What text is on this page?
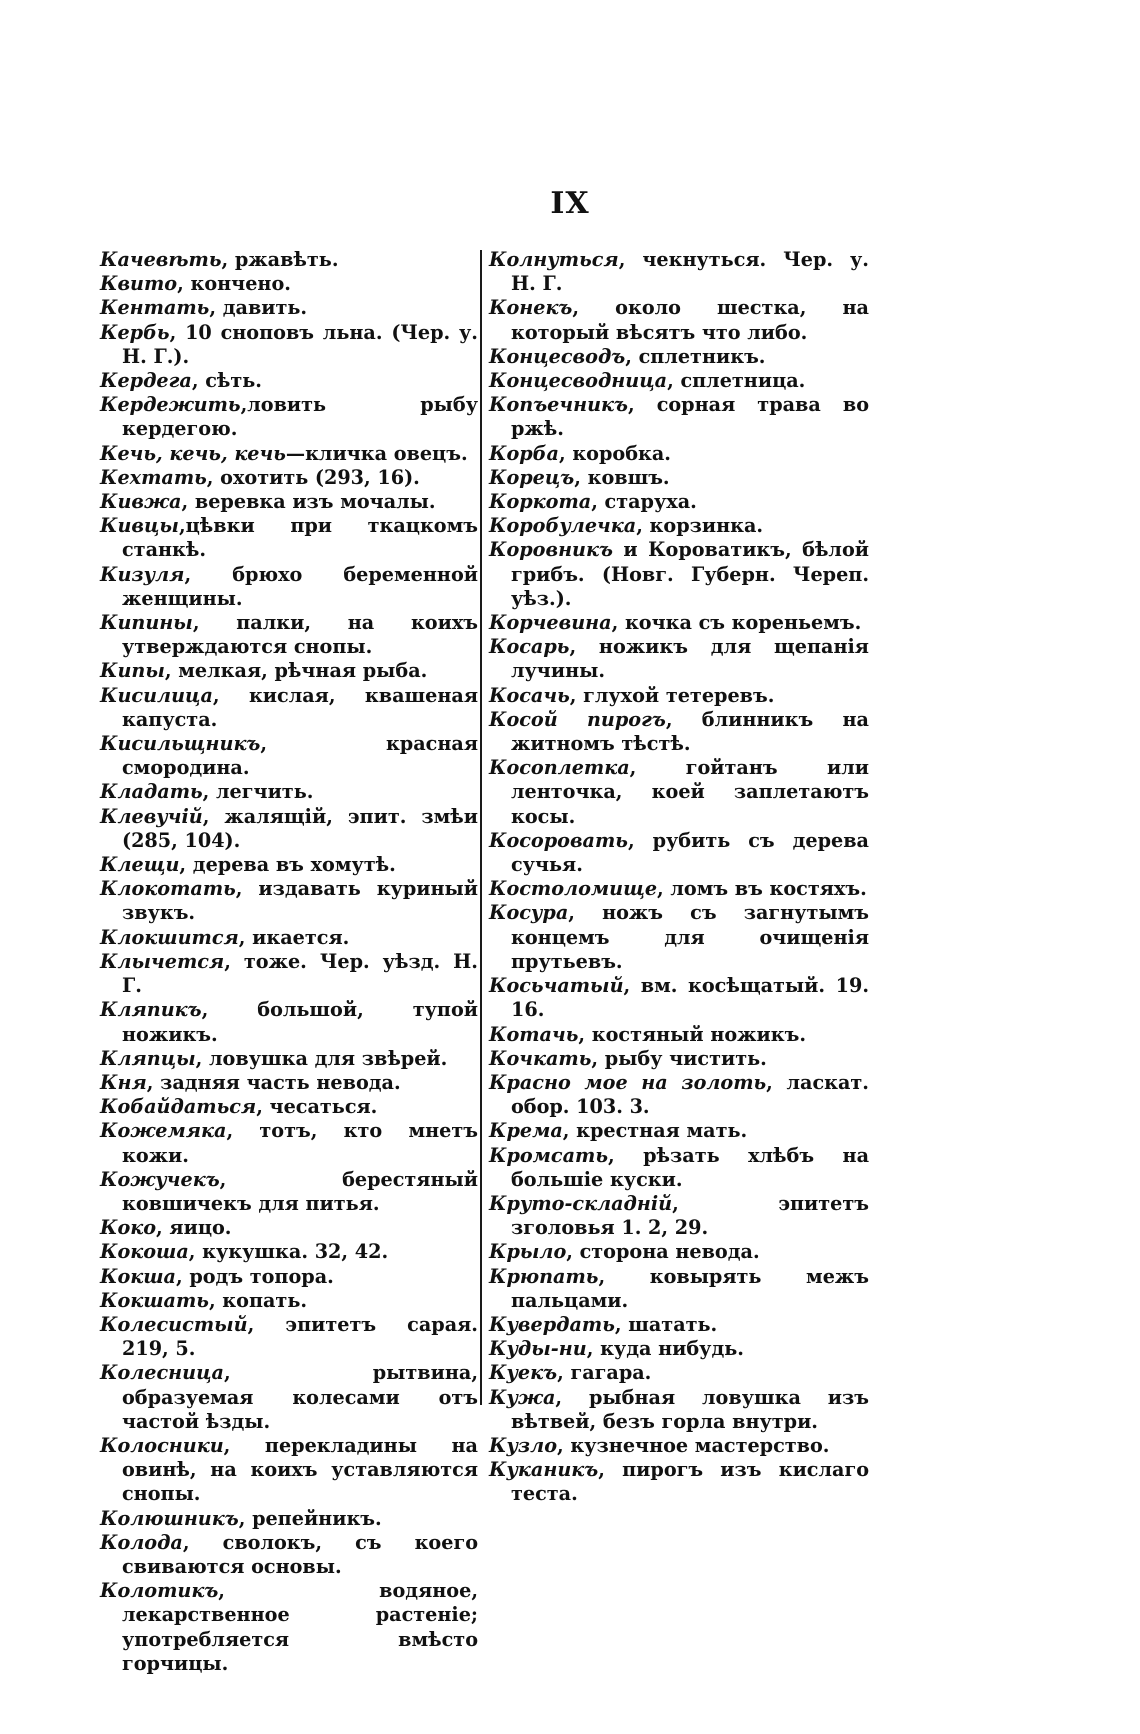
IX

Качевѣть, ржавѣть.

Квито, кончено.

Кентать, давить.

Кербь, 10 сноповъ льна. (Чер. у. Н. Г.).

Кердега, сѣть.

Кердежить,ловить рыбу кердегою.

Кечь, кечь, кечь—кличка овецъ.

Кехтать, охотить (293, 16).

Кивжа, веревка изъ мочалы.

Кивцы,цѣвки при ткацкомъ станкѣ.

Кизуля, брюхо беременной женщины.

Кипины, палки, на коихъ утверждаются снопы.

Кипы, мелкая, рѣчная рыба.

Кисилица, кислая, квашеная капуста.

Кисильщникъ, красная смородина.

Кладать, легчить.

Клевучій, жалящій, эпит. змѣи (285, 104).

Клещи, дерева въ хомутѣ.

Клокотать, издавать куриный звукъ.

Клокшится, икается.

Клычется, тоже. Чер. уѣзд. Н. Г.

Кляпикъ, большой, тупой ножикъ.

Кляпцы, ловушка для звѣрей.

Кня, задняя часть невода.

Кобайдаться, чесаться.

Кожемяка, тотъ, кто мнетъ кожи.

Кожучекъ, берестяный ковшичекъ для питья.

Коко, яицо.

Кокоша, кукушка. 32, 42.

Кокша, родъ топора.

Кокшать, копать.

Колесистый, эпитетъ сарая. 219, 5.

Колесница, рытвина, образуемая колесами отъ частой ѣзды.

Колосники, перекладины на овинѣ, на коихъ уставляются снопы.

Колюшникъ, репейникъ.

Колода, сволокъ, съ коего свиваются основы.

Колотикъ, водяное, лекарственное растеніе; употребляется вмѣсто горчицы.

Колнуться, чекнуться. Чер. у. Н. Г.

Конекъ, около шестка, на который вѣсятъ что либо.

Концесводъ, сплетникъ.

Концесводница, сплетница.

Копъечникъ, сорная трава во ржѣ.

Корба, коробка.

Корецъ, ковшъ.

Коркота, старуха.

Коробулечка, корзинка.

Коровникъ и Короватикъ, бѣлой грибъ. (Новг. Губерн. Череп. уѣз.).

Корчевина, кочка съ кореньемъ.

Косарь, ножикъ для щепанія лучины.

Косачь, глухой тетеревъ.

Косой пирогъ, блинникъ на житномъ тѣстѣ.

Косоплетка, гойтанъ или ленточка, коей заплетаютъ косы.

Косоровать, рубить съ дерева сучья.

Костоломище, ломъ въ костяхъ.

Косура, ножъ съ загнутымъ концемъ для очищенія прутьевъ.

Косьчатый, вм. косѣщатый. 19. 16.

Котачь, костяный ножикъ.

Кочкать, рыбу чистить.

Красно мое на золоть, ласкат. обор. 103. 3.

Крема, крестная мать.

Кромсать, рѣзать хлѣбъ на большіе куски.

Круто-складній, эпитетъ зголовья 1. 2, 29.

Крыло, сторона невода.

Крюпать, ковырять межъ пальцами.

Кувердать, шатать.

Куды-ни, куда нибудь.

Куекъ, гагара.

Кужа, рыбная ловушка изъ вѣтвей, безъ горла внутри.

Кузло, кузнечное мастерство.

Куканикъ, пирогъ изъ кислаго теста.
